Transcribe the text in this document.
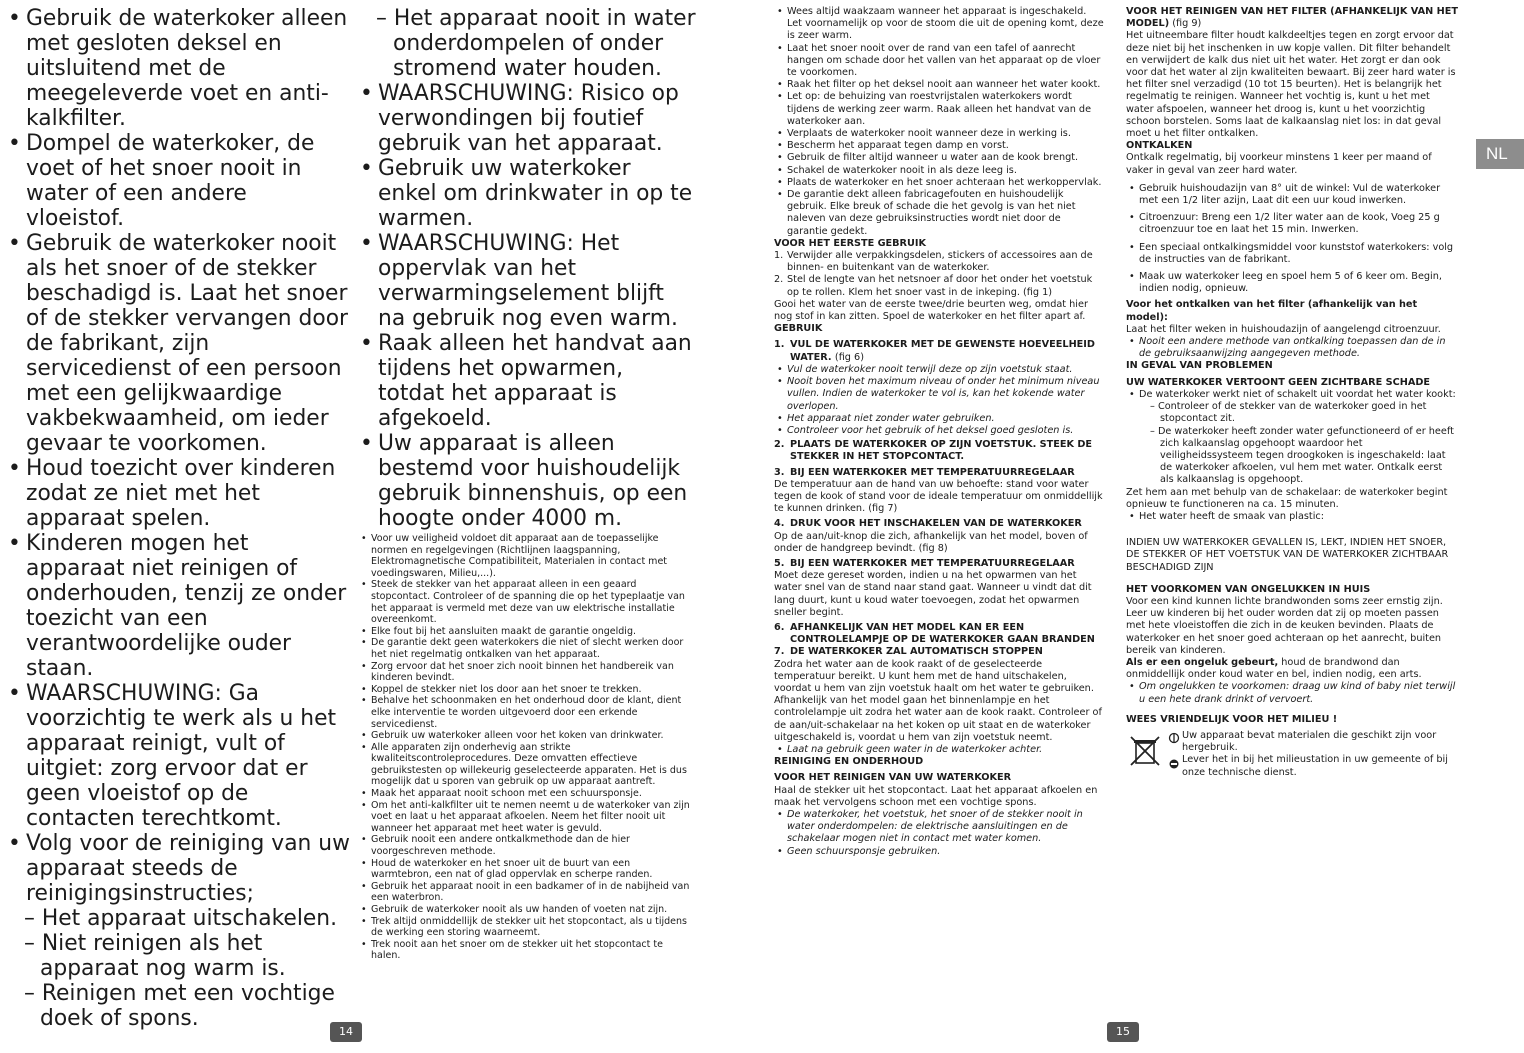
• Gebruik de waterkoker alleen met gesloten deksel en uitsluitend met de meegeleverde voet en anti-kalkfilter.
• Dompel de waterkoker, de voet of het snoer nooit in water of een andere vloeistof.
• Gebruik de waterkoker nooit als het snoer of de stekker beschadigd is. Laat het snoer of de stekker vervangen door de fabrikant, zijn servicedienst of een persoon met een gelijkwaardige vakbekwaamheid, om ieder gevaar te voorkomen.
• Houd toezicht over kinderen zodat ze niet met het apparaat spelen.
• Kinderen mogen het apparaat niet reinigen of onderhouden, tenzij ze onder toezicht van een verantwoordelijke ouder staan.
• WAARSCHUWING: Ga voorzichtig te werk als u het apparaat reinigt, vult of uitgiet: zorg ervoor dat er geen vloeistof op de contacten terechtkomt.
• Volg voor de reiniging van uw apparaat steeds de reinigingsinstructies;
– Het apparaat uitschakelen.
– Niet reinigen als het apparaat nog warm is.
– Reinigen met een vochtige doek of spons.
– Het apparaat nooit in water onderdompelen of onder stromend water houden.
• WAARSCHUWING: Risico op verwondingen bij foutief gebruik van het apparaat.
• Gebruik uw waterkoker enkel om drinkwater in op te warmen.
• WAARSCHUWING: Het oppervlak van het verwarmingselement blijft na gebruik nog even warm.
• Raak alleen het handvat aan tijdens het opwarmen, totdat het apparaat is afgekoeld.
• Uw apparaat is alleen bestemd voor huishoudelijk gebruik binnenshuis, op een hoogte onder 4000 m.
• Voor uw veiligheid voldoet dit apparaat aan de toepasselijke normen en regelgevingen (Richtlijnen laagspanning, Elektromagnetische Compatibiliteit, Materialen in contact met voedingswaren, Milieu,...).
• Steek de stekker van het apparaat alleen in een geaard stopcontact. Controleer of de spanning die op het typeplaatje van het apparaat is vermeld met deze van uw elektrische installatie overeenkomt.
• Elke fout bij het aansluiten maakt de garantie ongeldig.
• De garantie dekt geen waterkokers die niet of slecht werken door het niet regelmatig ontkalken van het apparaat.
• Zorg ervoor dat het snoer zich nooit binnen het handbereik van kinderen bevindt.
• Koppel de stekker niet los door aan het snoer te trekken.
• Behalve het schoonmaken en het onderhoud door de klant, dient elke interventie te worden uitgevoerd door een erkende servicedienst.
• Gebruik uw waterkoker alleen voor het koken van drinkwater.
• Alle apparaten zijn onderhevig aan strikte kwaliteitscontroleprocedures. Deze omvatten effectieve gebruikstesten op willekeurig geselecteerde apparaten. Het is dus mogelijk dat u sporen van gebruik op uw apparaat aantreft.
• Maak het apparaat nooit schoon met een schuursponsje.
• Om het anti-kalkfilter uit te nemen neemt u de waterkoker van zijn voet en laat u het apparaat afkoelen. Neem het filter nooit uit wanneer het apparaat met heet water is gevuld.
• Gebruik nooit een andere ontkalkmethode dan de hier voorgeschreven methode.
• Houd de waterkoker en het snoer uit de buurt van een warmtebron, een nat of glad oppervlak en scherpe randen.
• Gebruik het apparaat nooit in een badkamer of in de nabijheid van een waterbron.
• Gebruik de waterkoker nooit als uw handen of voeten nat zijn.
• Trek altijd onmiddellijk de stekker uit het stopcontact, als u tijdens de werking een storing waarneemt.
• Trek nooit aan het snoer om de stekker uit het stopcontact te halen.
14
• Wees altijd waakzaam wanneer het apparaat is ingeschakeld. Let voornamelijk op voor de stoom die uit de opening komt, deze is zeer warm.
• Laat het snoer nooit over de rand van een tafel of aanrecht hangen om schade door het vallen van het apparaat op de vloer te voorkomen.
• Raak het filter op het deksel nooit aan wanneer het water kookt.
• Let op: de behuizing van roestvrijstalen waterkokers wordt tijdens de werking zeer warm. Raak alleen het handvat van de waterkoker aan.
• Verplaats de waterkoker nooit wanneer deze in werking is.
• Bescherm het apparaat tegen damp en vorst.
• Gebruik de filter altijd wanneer u water aan de kook brengt.
• Schakel de waterkoker nooit in als deze leeg is.
• Plaats de waterkoker en het snoer achteraan het werkoppervlak.
• De garantie dekt alleen fabricagefouten en huishoudelijk gebruik. Elke breuk of schade die het gevolg is van het niet naleven van deze gebruiksinstructies wordt niet door de garantie gedekt.
VOOR HET EERSTE GEBRUIK
1. Verwijder alle verpakkingsdelen, stickers of accessoires aan de binnen- en buitenkant van de waterkoker.
2. Stel de lengte van het netsnoer af door het onder het voetstuk op te rollen. Klem het snoer vast in de inkeping. (fig 1)
Gooi het water van de eerste twee/drie beurten weg, omdat hier nog stof in kan zitten. Spoel de waterkoker en het filter apart af.
GEBRUIK
1. VUL DE WATERKOKER MET DE GEWENSTE HOEVEELHEID WATER. (fig 6)
• Vul de waterkoker nooit terwijl deze op zijn voetstuk staat.
• Nooit boven het maximum niveau of onder het minimum niveau vullen. Indien de waterkoker te vol is, kan het kokende water overlopen.
• Het apparaat niet zonder water gebruiken.
• Controleer voor het gebruik of het deksel goed gesloten is.
2. PLAATS DE WATERKOKER OP ZIJN VOETSTUK. STEEK DE STEKKER IN HET STOPCONTACT.
3. BIJ EEN WATERKOKER MET TEMPERATUURREGELAAR
De temperatuur aan de hand van uw behoefte: stand voor water tegen de kook of stand voor de ideale temperatuur om onmiddellijk te kunnen drinken. (fig 7)
4. DRUK VOOR HET INSCHAKELEN VAN DE WATERKOKER
Op de aan/uit-knop die zich, afhankelijk van het model, boven of onder de handgreep bevindt. (fig 8)
5. BIJ EEN WATERKOKER MET TEMPERATUURREGELAAR
Moet deze gereset worden, indien u na het opwarmen van het water snel van de stand naar stand gaat. Wanneer u vindt dat dit lang duurt, kunt u koud water toevoegen, zodat het opwarmen sneller begint.
6. AFHANKELIJK VAN HET MODEL KAN ER EEN CONTROLELAMPJE OP DE WATERKOKER GAAN BRANDEN
7. DE WATERKOKER ZAL AUTOMATISCH STOPPEN
Zodra het water aan de kook raakt of de geselecteerde temperatuur bereikt. U kunt hem met de hand uitschakelen, voordat u hem van zijn voetstuk haalt om het water te gebruiken. Afhankelijk van het model gaan het binnenlampje en het controlelampje uit zodra het water aan de kook raakt. Controleer of de aan/uit-schakelaar na het koken op uit staat en de waterkoker uitgeschakeld is, voordat u hem van zijn voetstuk neemt.
• Laat na gebruik geen water in de waterkoker achter.
REINIGING EN ONDERHOUD
VOOR HET REINIGEN VAN UW WATERKOKER
Haal de stekker uit het stopcontact. Laat het apparaat afkoelen en maak het vervolgens schoon met een vochtige spons.
• De waterkoker, het voetstuk, het snoer of de stekker nooit in water onderdompelen: de elektrische aansluitingen en de schakelaar mogen niet in contact met water komen.
• Geen schuursponsje gebruiken.
VOOR HET REINIGEN VAN HET FILTER (AFHANKELIJK VAN HET MODEL) (fig 9)
Het uitneembare filter houdt kalkdeeltjes tegen en zorgt ervoor dat deze niet bij het inschenken in uw kopje vallen. Dit filter behandelt en verwijdert de kalk dus niet uit het water. Het zorgt er dan ook voor dat het water al zijn kwaliteiten bewaart. Bij zeer hard water is het filter snel verzadigd (10 tot 15 beurten). Het is belangrijk het regelmatig te reinigen. Wanneer het vochtig is, kunt u het met water afspoelen, wanneer het droog is, kunt u het voorzichtig schoon borstelen. Soms laat de kalkaanslag niet los: in dat geval moet u het filter ontkalken.
ONTKALKEN
Ontkalk regelmatig, bij voorkeur minstens 1 keer per maand of vaker in geval van zeer hard water.
• Gebruik huishoudazijn van 8° uit de winkel: Vul de waterkoker met een 1/2 liter azijn, Laat dit een uur koud inwerken.
• Citroenzuur: Breng een 1/2 liter water aan de kook, Voeg 25 g citroenzuur toe en laat het 15 min. Inwerken.
• Een speciaal ontkalkingsmiddel voor kunststof waterkokers: volg de instructies van de fabrikant.
• Maak uw waterkoker leeg en spoel hem 5 of 6 keer om. Begin, indien nodig, opnieuw.
Voor het ontkalken van het filter (afhankelijk van het model):
Laat het filter weken in huishoudazijn of aangelengd citroenzuur.
• Nooit een andere methode van ontkalking toepassen dan de in de gebruiksaanwijzing aangegeven methode.
IN GEVAL VAN PROBLEMEN
UW WATERKOKER VERTOONT GEEN ZICHTBARE SCHADE
• De waterkoker werkt niet of schakelt uit voordat het water kookt:
– Controleer of de stekker van de waterkoker goed in het stopcontact zit.
– De waterkoker heeft zonder water gefunctioneerd of er heeft zich kalkaanslag opgehoopt waardoor het veiligheidssysteem tegen droogkoken is ingeschakeld: laat de waterkoker afkoelen, vul hem met water. Ontkalk eerst als kalkaanslag is opgehoopt.
Zet hem aan met behulp van de schakelaar: de waterkoker begint opnieuw te functioneren na ca. 15 minuten.
• Het water heeft de smaak van plastic:
INDIEN UW WATERKOKER GEVALLEN IS, LEKT, INDIEN HET SNOER, DE STEKKER OF HET VOETSTUK VAN DE WATERKOKER ZICHTBAAR BESCHADIGD ZIJN
HET VOORKOMEN VAN ONGELUKKEN IN HUIS
Voor een kind kunnen lichte brandwonden soms zeer ernstig zijn. Leer uw kinderen bij het ouder worden dat zij op moeten passen met hete vloeistoffen die zich in de keuken bevinden. Plaats de waterkoker en het snoer goed achteraan op het aanrecht, buiten bereik van kinderen.
Als er een ongeluk gebeurt, houd de brandwond dan onmiddellijk onder koud water en bel, indien nodig, een arts.
• Om ongelukken te voorkomen: draag uw kind of baby niet terwijl u een hete drank drinkt of vervoert.
WEES VRIENDELIJK VOOR HET MILIEU !
Uw apparaat bevat materialen die geschikt zijn voor hergebruik.
Lever het in bij het milieustation in uw gemeente of bij onze technische dienst.
NL
15
